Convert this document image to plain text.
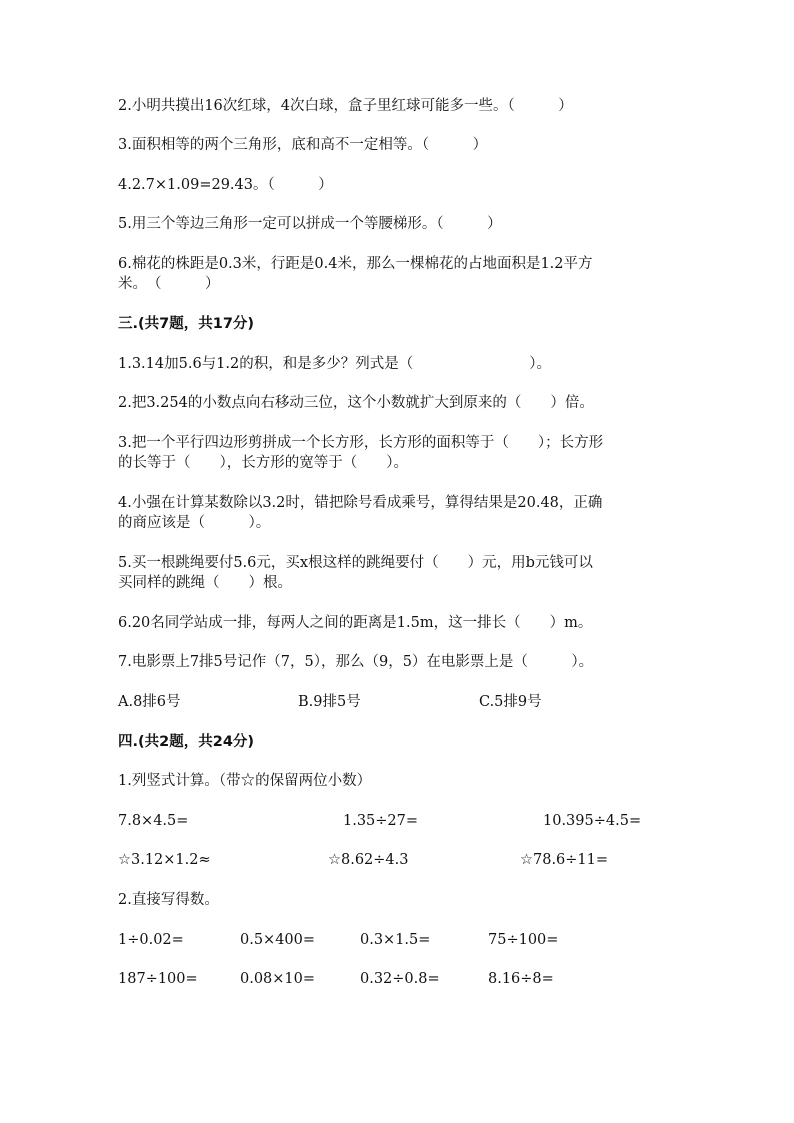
2.小明共摸出16次红球，4次白球，盒子里红球可能多一些。（　　　）
3.面积相等的两个三角形，底和高不一定相等。（　　　）
4.2.7×1.09=29.43。（　　　）
5.用三个等边三角形一定可以拼成一个等腰梯形。（　　　）
6.棉花的株距是0.3米，行距是0.4米，那么一棵棉花的占地面积是1.2平方
米。　（　　　）
三.(共7题，共17分)
1.3.14加5.6与1.2的积，和是多少？列式是（　　　　　　　　）。
2.把3.254的小数点向右移动三位，这个小数就扩大到原来的（　　）倍。
3.把一个平行四边形剪拼成一个长方形，长方形的面积等于（　　）；长方形
的长等于（　　），长方形的宽等于（　　）。
4.小强在计算某数除以3.2时，错把除号看成乘号，算得结果是20.48，正确
的商应该是（　　　）。
5.买一根跳绳要付5.6元，买x根这样的跳绳要付（　　）元，用b元钱可以
买同样的跳绳（　　）根。
6.20名同学站成一排，每两人之间的距离是1.5m，这一排长（　　）m。
7.电影票上7排5号记作（7，5），那么（9，5）在电影票上是（　　　）。
A.8排6号	B.9排5号	C.5排9号
四.(共2题，共24分)
1.列竖式计算。（带☆的保留两位小数）
7.8×4.5=	1.35÷27=	10.395÷4.5=
☆3.12×1.2≈	☆8.62÷4.3	☆78.6÷11=
2.直接写得数。
1÷0.02=	0.5×400=	0.3×1.5=	75÷100=
187÷100=	0.08×10=	0.32÷0.8=	8.16÷8=
